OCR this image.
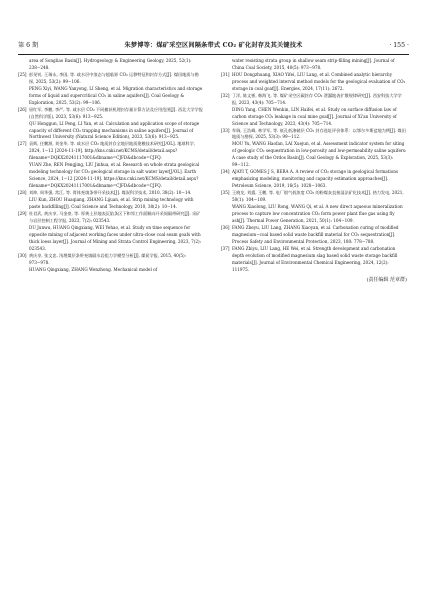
第 6 期	朱梦博等：煤矿采空区间隔条带式 CO₂ 矿化封存及其关键技术	· 155 ·

area of Songliao Basin[J]. Hydrogeology & Engineering Geology, 2025, 52(1): 238−248.

[25] 彭旻钊, 王瑞永, 李国, 等. 咸水层中溶态与超临界 CO₂ 运移特征和封存方式[J]. 煤田地质与勘探, 2025, 53(2): 99−106.
PENG Xiyi, WANG Yanyong, LI Sheng, et al. Migration characteristics and storage forms of liquid and supercritical CO₂ in saline aquifers[J]. Coal Geology & Exploration, 2025, 53(2): 99−106.

[26] 屈红军, 李鹏, 李严, 等. 咸水层 CO₂ 不同捕获机理封存量计算方法及应用范围[J]. 西北大学学报(自然科学版), 2023, 53(6): 913−925.
QU Honggun, LI Peng, LI Yan, et al. Calculation and application scope of storage capacity of different CO₂ trapping mechanisms in saline aquifers[J]. Journal of Northwest University (Natural Science Edition), 2023, 53(6): 913−925.

[27] 袁辉, 任鹏源, 刘金华, 等. 咸水层 CO₂ 地质封存全地层地质建模技术研究[J/OL]. 地球科学, 2024, 1−12 [2024-11-19]. http://kns.cnki.net/KCMS/detail/detail.aspx?filename=DQKX20241117001&dbname=CJFD&dbcode=CJFQ.
YUAN Zhe, REN Pengjing, LIU Jinhua, et al. Research on whole strata geological modeling technology for CO₂ geological storage in salt water layer[J/OL]. Earth Science, 2024, 1−12 [2024-11-19]. https://kns.cnki.net/KCMS/detail/detail.aspx?filename=DQKX20241117001&dbname=CJFD&dbcode=CJFQ.

[28] 刘坤, 周华强, 常江, 等. 膏体充填条带开采技术[J]. 煤炭科学技术, 2010, 38(2): 10−14.
LIU Kun, ZHOU Huaqiang, ZHANG Lijuan, et al. Strip mining technology with paste backfilling[J]. Coal Science and Technology, 2010, 38(2): 10−14.

[29] 杜君武, 黄庆享, 马金豪, 等. 厚黄土层地表沉陷条区下和邻工作面顺向开采间隔带研究[J]. 采矿与岩层控制工程学报, 2023, 7(2): 023543.
DU Junwu, HUANG Qingxiang, WEI Yehao, et al. Study on time sequence for opposite mining of adjacent working faces under ultra-close coal seam goafs with thick loess layer[J]. Journal of Mining and Strata Control Engineering, 2023, 7(2): 023543.

[30] 黄庆享, 张文忠. 浅埋煤层条带充填隔水岩组力学模型分析[J]. 煤炭学报, 2015, 40(5): 973−978.
HUANG Qingxiang, ZHANG Wenzhong. Mechanical model of

water resisting strata group in shallow seam strip-filling mining[J]. Journal of China Coal Society, 2015, 40(5): 973−978.

[31] HOU Dongzhuang, XIAO Yifei, LIU Lang, et al. Combined analytic hierarchy process and weighted interval method models for the geological evaluation of CO₂ storage in coal goaf[J]. Energies, 2024, 17(11): 2672.

[32] 丁洋, 陈文彬, 韩海飞, 等. 煤矿采空区碳封存 CO₂ 泄漏地表扩散规律研究[J]. 西安科技大学学报, 2023, 43(4): 705−714.
DING Yang, CHEN Wenbin, LIN Haifei, et al. Study on surface diffusion law of carbon storage CO₂ leakage in coal mine goaf[J]. Journal of Xi'an University of Science and Technology, 2023, 43(4): 705−714.

[33] 牟瑞, 王浩峰, 林学军, 等. 低孔低渗储层 CO₂ 封存选址评价体系：以鄂尔多斯盆地为例[J]. 煤田地质与勘探, 2025, 53(3): 99−112.
MOU Yu, WANG Haofan, LAI Xuejun, et al. Assessment indicator system for siting of geologic CO₂ sequestration in low-porosity and low-permeability saline aquifers: A case study of the Ordos Basin[J]. Coal Geology & Exploration, 2025, 53(3): 99−112.

[34] AJAYI T, GOMES J S, BERA A. A review of CO₂ storage in geological formations emphasizing modeling, monitoring and capacity estimation approaches[J]. Petroleum Science, 2019, 16(5): 1028−1063.

[35] 王晓龙, 刘露, 王鹏, 等. 电厂烟气低浓度 CO₂ 的粉煤灰直接湿法矿化技术[J]. 热力发电, 2021, 50(1): 104−109.
WANG Xiaolong, LIU Rong, WANG Qi, et al. A new direct aqueous mineralization process to capture low concentration CO₂ form power plant flue gas using fly ash[J]. Thermal Power Generation, 2021, 50(1): 104−109.

[36] FANG Zheyu, LIU Lang, ZHANG Xiaoyan, et al. Carbonation curing of modified magnesium−coal based solid waste backfill material for CO₂ sequestration[J]. Process Safety and Environmental Protection, 2023, 180: 778−788.

[37] FANG Zhiyu, LIU Lang, HE Wei, et al. Strength development and carbonation depth evolution of modified magnesium slag based solid waste storage backfill materials[J]. Journal of Environmental Chemical Engineering, 2024, 12(2): 111975.

(责任编辑 范章群)
